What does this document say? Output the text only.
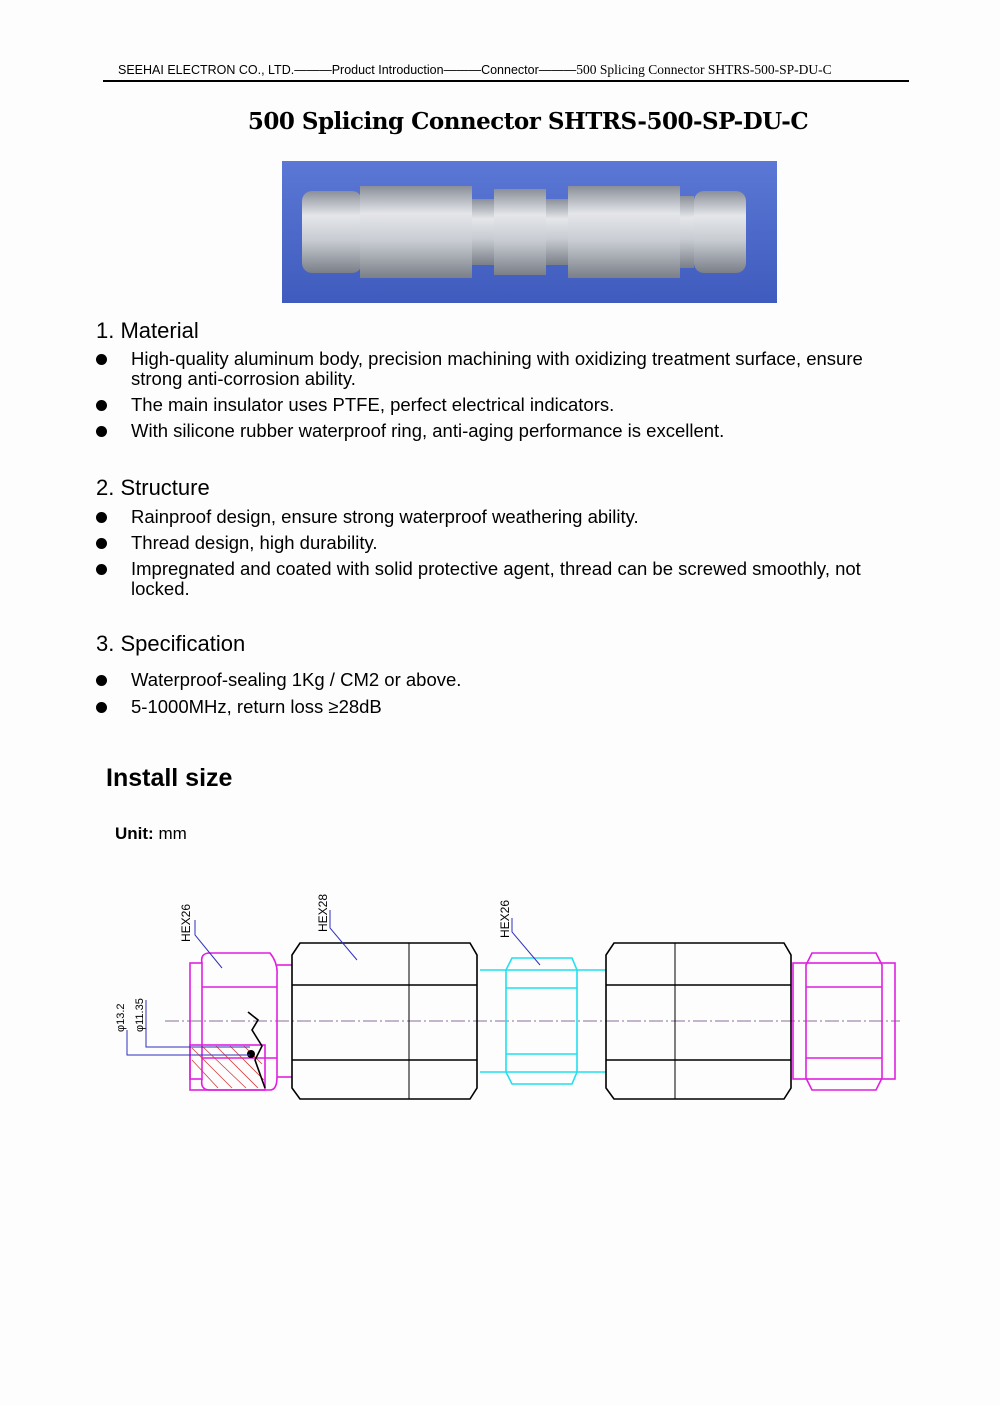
SEEHAI ELECTRON CO., LTD.———Product Introduction———Connector———500 Splicing Connector SHTRS-500-SP-DU-C
500 Splicing Connector SHTRS-500-SP-DU-C
1. Material
High-quality aluminum body, precision machining with oxidizing treatment surface, ensure strong anti-corrosion ability.
The main insulator uses PTFE, perfect electrical indicators.
With silicone rubber waterproof ring, anti-aging performance is excellent.
2. Structure
Rainproof design, ensure strong waterproof weathering ability.
Thread design, high durability.
Impregnated and coated with solid protective agent, thread can be screwed smoothly, not locked.
3. Specification
Waterproof-sealing 1Kg / CM2 or above.
5-1000MHz, return loss ≥28dB
Install size
Unit: mm
HEX26	HEX28	HEX26
φ13.2 φ11.35
